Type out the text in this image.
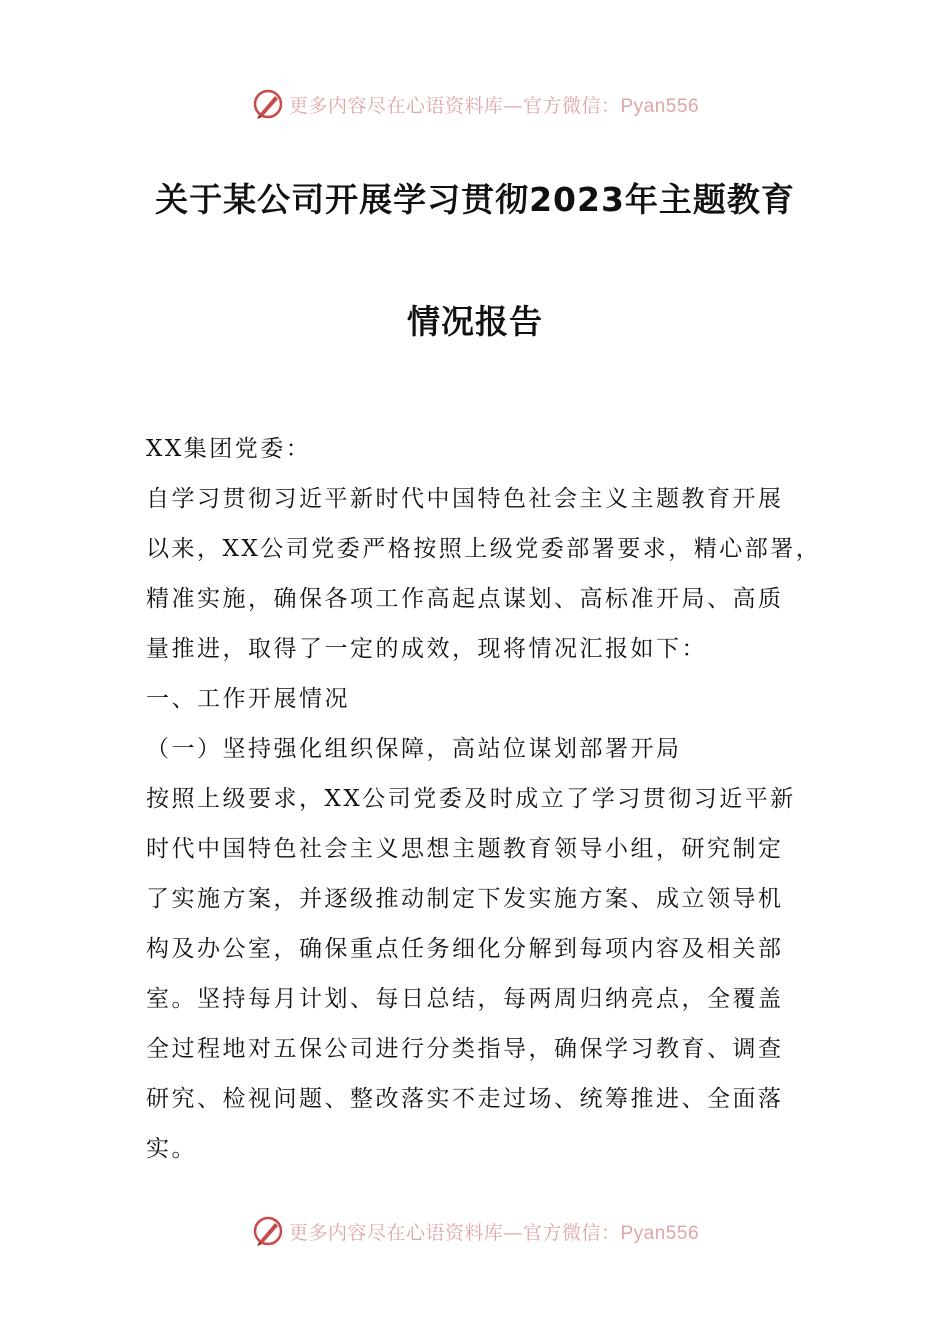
更多内容尽在心语资料库—官方微信：Pyan556
关于某公司开展学习贯彻2023年主题教育
情况报告

XX集团党委：

自学习贯彻习近平新时代中国特色社会主义主题教育开展

以来，XX公司党委严格按照上级党委部署要求，精心部署，

精准实施，确保各项工作高起点谋划、高标准开局、高质

量推进，取得了一定的成效，现将情况汇报如下：

一、工作开展情况

（一）坚持强化组织保障，高站位谋划部署开局

按照上级要求，XX公司党委及时成立了学习贯彻习近平新

时代中国特色社会主义思想主题教育领导小组，研究制定

了实施方案，并逐级推动制定下发实施方案、成立领导机

构及办公室，确保重点任务细化分解到每项内容及相关部

室。坚持每月计划、每日总结，每两周归纳亮点，全覆盖

全过程地对五保公司进行分类指导，确保学习教育、调查

研究、检视问题、整改落实不走过场、统筹推进、全面落

实。

更多内容尽在心语资料库—官方微信：Pyan556
